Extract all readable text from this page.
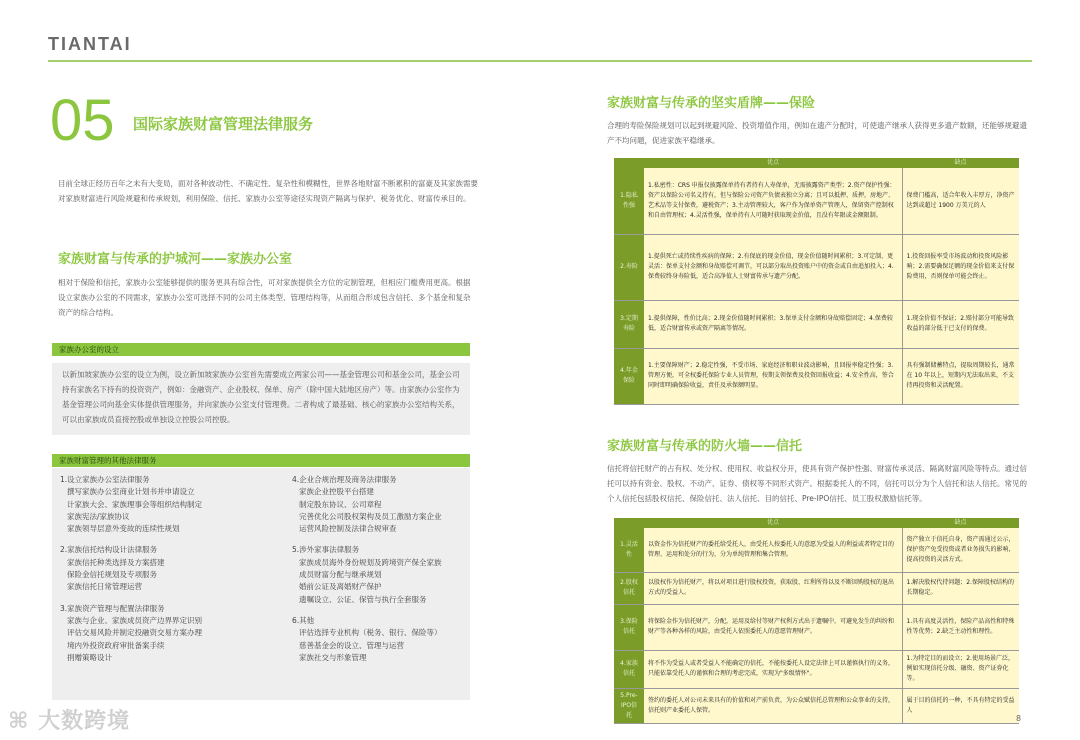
TIANTAI
05 国际家族财富管理法律服务
目前全球正经历百年之未有大变局，面对各种波动性、不确定性、复杂性和模糊性，世界各地财富不断累积的富豪及其家族需要对家族财富进行风险规避和传承规划，利用保险、信托、家族办公室等途径实现资产隔离与保护、税务优化、财富传承目的。
家族财富与传承的护城河——家族办公室
相对于保险和信托，家族办公室能够提供的服务更具有综合性，可对家族提供全方位的定制管理，但相应门槛费用更高。根据设立家族办公室的不同需求，家族办公室可选择不同的公司主体类型、管理结构等，从而组合形成包含信托、多个基金和复杂资产的综合结构。
家族办公室的设立
以新加坡家族办公室的设立为例，设立新加坡家族办公室首先需要成立两家公司——基金管理公司和基金公司，基金公司持有家族名下持有的投资资产，例如：金融资产、企业股权、保单、房产（除中国大陆地区房产）等。由家族办公室作为基金管理公司向基金实体提供管理服务，并向家族办公室支付管理费。二者构成了最基础、核心的家族办公室结构关系，可以由家族成员直接控股或单独设立控股公司控股。
家族财富管理的其他法律服务
1.设立家族办公室法律服务
撰写家族办公室商业计划书并申请设立
计家族大会、家族理事会等组织结构制定
家族宪法/家族协议
家族领导层意外变故的连续性规划
2.家族信托结构设计法律服务
家族信托种类选择及方案搭建
保险金信托规划及专项服务
家族信托日常管理运营
3.家族资产管理与配置法律服务
家族与企业、家族成员资产边界界定识别
评估交易风险并制定投融资交易方案办理
境内外投资政府审批备案手续
捐赠策略设计
4.企业合规治理及商务法律服务
家族企业控股平台搭建
制定股东协议、公司章程
完善优化公司股权架构及员工激励方案企业
运营风险控制及法律合规审查
5.涉外家事法律服务
家族成员海外身份规划及跨境资产保全家族
成员财富分配与继承规划
婚前公证及离婚财产保护
遗嘱设立、公证、保管与执行全套服务
6.其他
评估选择专业机构（税务、银行、保险等）
慈善基金会的设立、管理与运营
家族社交与形象管理
家族财富与传承的坚实盾牌——保险
合理的寿险保险规划可以起到规避风险、投资增值作用，例如在遗产分配时，可使遗产继承人获得更多遗产数额，还能够规避遗产不均问题，促进家族平稳继承。
	优点	缺点
1.隐私性强	1.私密性：CRS 申报仅披露保单持有者持有人寿保单，无需披露资产类型；2.资产保护性强：资产以保险公司名义持有，但与保险公司资产负债表独立分离；且可以抵押、质押，房地产、艺术品等支付保费，避税资产；3.主动管理较大，客户作为保单资产管理人，保留资产控制权和自由管理权；4.灵活性强，保单持有人可随时获取现金价值，且没有年限或金额限制。	保费门槛高，适合年收入丰厚方，净资产达到或超过 1900 万美元的人
2.寿险	1.提供死亡或持续性疾病的保障；2.有保底的现金价值，现金价值随时间累积；3.可定制、更灵活：保单支付金额和身故赔偿可调节，可以部分取出投资账户中的资金或自由追加投入；4.保费较终身寿险低，适合高净值人士财富传承与遗产分配。	1.投资回报率受市场波动和投资风险影响；2.需要确保足额的现金价值来支付保险费用，否则保单可能会终止。
3.定期寿险	1.提供保障，性价比高；2.现金价值随时间累积；3.保单支付金额和身故赔偿固定；4.保费较低，适合财富传承或资产隔离等情况。	1.现金价值不保证；2.赔付部分可能导致收益的部分低于已支付的保费。
4.年金保险	1.主要保障财产；2.稳定性强，不受市场、家庭经济和职业波动影响，且回报率稳定性强；3.管理方便，可全权委托保险专业人员管理，按期支领保费及投资回报收益；4.安全性高，签合同时即明确保险收益，责任及承保额明显。	具有强制储蓄特点，提取周期较长，通常在 10 年以上，短期内无法取出来，不支持再投资和灵活配置。
家族财富与传承的防火墙——信托
信托将信托财产的占有权、处分权、使用权、收益权分开，使具有资产保护性强、财富传承灵活、隔离财富风险等特点。通过信托可以持有资金、股权、不动产、证券、债权等不同形式资产。根据委托人的不同，信托可以分为个人信托和法人信托。常见的个人信托包括股权信托、保险信托、法人信托、目的信托、Pre-IPO信托、员工股权激励信托等。
	优点	缺点
1.灵活性	以资金作为信托财产的委托给受托人，由受托人按委托人的意愿为受益人的利益或者特定目的管理、运用和处分的行为，分为单纯管理和集合管理。	资产独立于信托自身，资产需通过公示，保护资产免受投资或者业务损失的影响，提高投资的灵活方式。
2.股权信托	以股权作为信托财产，将以对项目进行股权投资，获取股、红利所得以及不断回购股权的退出方式的受益人。	1.解决股权代持问题；2.保障股权结构的长期稳定。
3.保险信托	将保险金作为信托财产，分配，运用及给付等财产权利方式出于遗嘱中，可避免发生的纠纷和财产等各种各样的风险，由受托人依照委托人的意愿管理财产。	1.具有高度灵活性，保险产品高性和特殊性等优势；2.缺乏主动性和理性。
4.家族信托	将不作为受益人或者受益人不能确定的信托，不能按委托人设定法律上可以谨慎执行的义务，只能依靠受托人的谨慎和合理的考虑完成，实现为"多级情怀"。	1.为特定目的而设立；2.使用场景广泛，例如实现信托分级、融资、资产证券化等。
5.Pre-IPO信托	签约的委托人对公司未来具有的价值和对产前负责，为公众赋信托总管理和公众事业的支持，信托则产业委托人保管。	属于目的信托的一种，不具有特定的受益人
8
⌘ 大数跨境
